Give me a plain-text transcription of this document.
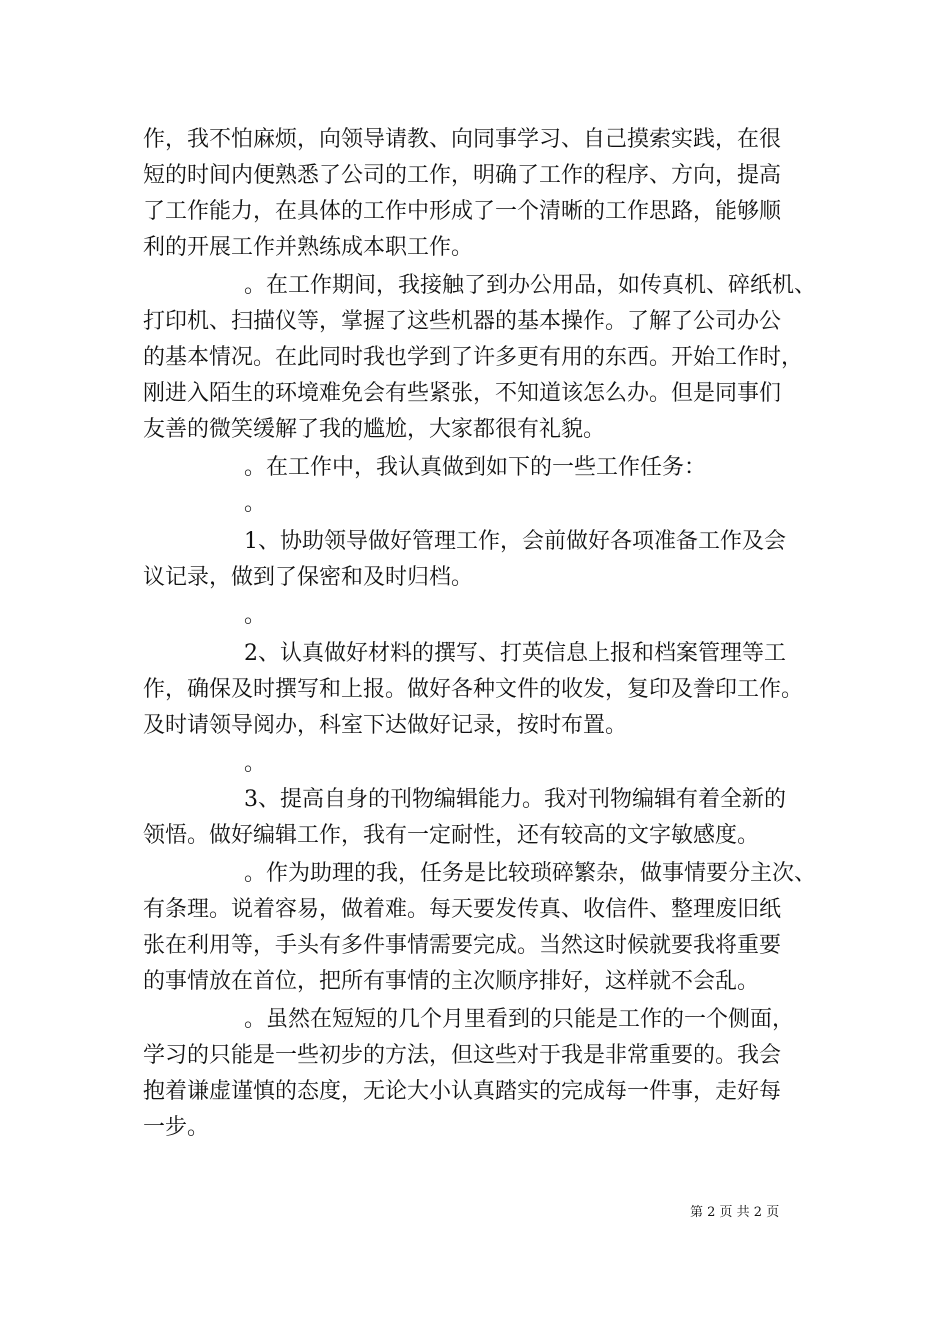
作，我不怕麻烦，向领导请教、向同事学习、自己摸索实践，在很
短的时间内便熟悉了公司的工作，明确了工作的程序、方向，提高
了工作能力，在具体的工作中形成了一个清晰的工作思路，能够顺
利的开展工作并熟练成本职工作。
。在工作期间，我接触了到办公用品，如传真机、碎纸机、
打印机、扫描仪等，掌握了这些机器的基本操作。了解了公司办公
的基本情况。在此同时我也学到了许多更有用的东西。开始工作时，
刚进入陌生的环境难免会有些紧张，不知道该怎么办。但是同事们
友善的微笑缓解了我的尴尬，大家都很有礼貌。
。在工作中，我认真做到如下的一些工作任务：
。
1、协助领导做好管理工作，会前做好各项准备工作及会
议记录，做到了保密和及时归档。
。
2、认真做好材料的撰写、打英信息上报和档案管理等工
作，确保及时撰写和上报。做好各种文件的收发，复印及誊印工作。
及时请领导阅办，科室下达做好记录，按时布置。
。
3、提高自身的刊物编辑能力。我对刊物编辑有着全新的
领悟。做好编辑工作，我有一定耐性，还有较高的文字敏感度。
。作为助理的我，任务是比较琐碎繁杂，做事情要分主次、
有条理。说着容易，做着难。每天要发传真、收信件、整理废旧纸
张在利用等，手头有多件事情需要完成。当然这时候就要我将重要
的事情放在首位，把所有事情的主次顺序排好，这样就不会乱。
。虽然在短短的几个月里看到的只能是工作的一个侧面，
学习的只能是一些初步的方法，但这些对于我是非常重要的。我会
抱着谦虚谨慎的态度，无论大小认真踏实的完成每一件事，走好每
一步。
第 2 页 共 2 页
